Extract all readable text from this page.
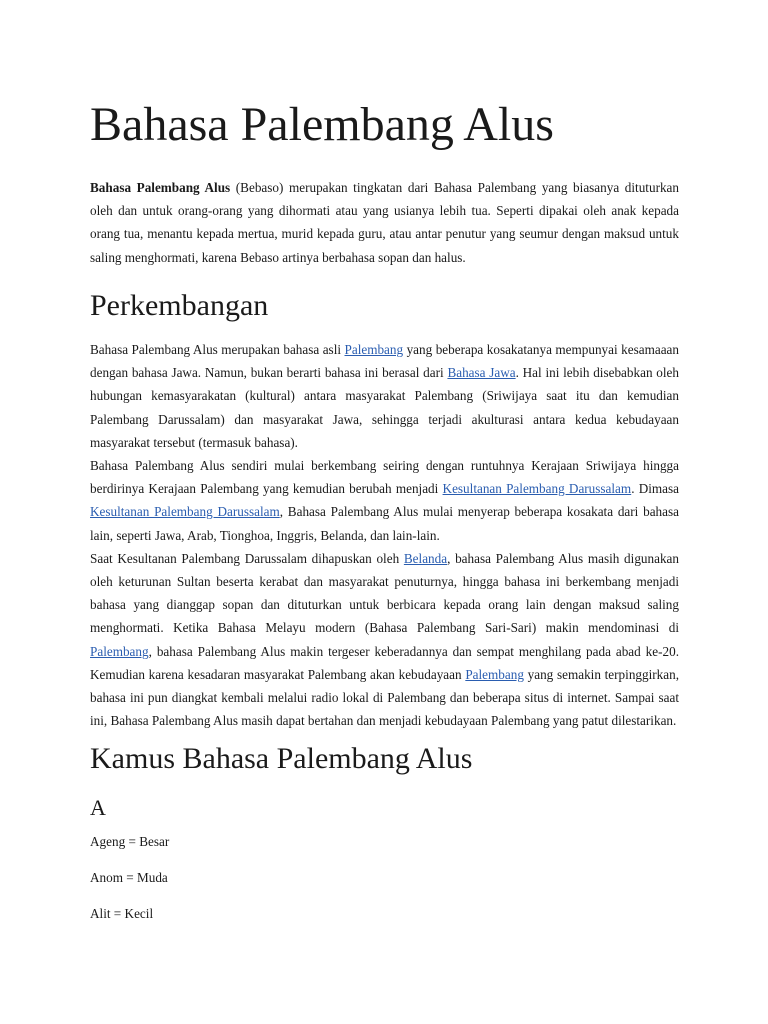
Bahasa Palembang Alus

Bahasa Palembang Alus (Bebaso) merupakan tingkatan dari Bahasa Palembang yang biasanya dituturkan oleh dan untuk orang-orang yang dihormati atau yang usianya lebih tua. Seperti dipakai oleh anak kepada orang tua, menantu kepada mertua, murid kepada guru, atau antar penutur yang seumur dengan maksud untuk saling menghormati, karena Bebaso artinya berbahasa sopan dan halus.

Perkembangan

Bahasa Palembang Alus merupakan bahasa asli Palembang yang beberapa kosakatanya mempunyai kesamaaan dengan bahasa Jawa. Namun, bukan berarti bahasa ini berasal dari Bahasa Jawa. Hal ini lebih disebabkan oleh hubungan kemasyarakatan (kultural) antara masyarakat Palembang (Sriwijaya saat itu dan kemudian Palembang Darussalam) dan masyarakat Jawa, sehingga terjadi akulturasi antara kedua kebudayaan masyarakat tersebut (termasuk bahasa).

Bahasa Palembang Alus sendiri mulai berkembang seiring dengan runtuhnya Kerajaan Sriwijaya hingga berdirinya Kerajaan Palembang yang kemudian berubah menjadi Kesultanan Palembang Darussalam. Dimasa Kesultanan Palembang Darussalam, Bahasa Palembang Alus mulai menyerap beberapa kosakata dari bahasa lain, seperti Jawa, Arab, Tionghoa, Inggris, Belanda, dan lain-lain.

Saat Kesultanan Palembang Darussalam dihapuskan oleh Belanda, bahasa Palembang Alus masih digunakan oleh keturunan Sultan beserta kerabat dan masyarakat penuturnya, hingga bahasa ini berkembang menjadi bahasa yang dianggap sopan dan dituturkan untuk berbicara kepada orang lain dengan maksud saling menghormati. Ketika Bahasa Melayu modern (Bahasa Palembang Sari-Sari) makin mendominasi di Palembang, bahasa Palembang Alus makin tergeser keberadannya dan sempat menghilang pada abad ke-20. Kemudian karena kesadaran masyarakat Palembang akan kebudayaan Palembang yang semakin terpinggirkan, bahasa ini pun diangkat kembali melalui radio lokal di Palembang dan beberapa situs di internet. Sampai saat ini, Bahasa Palembang Alus masih dapat bertahan dan menjadi kebudayaan Palembang yang patut dilestarikan.

Kamus Bahasa Palembang Alus
A

Ageng = Besar

Anom = Muda

Alit = Kecil
